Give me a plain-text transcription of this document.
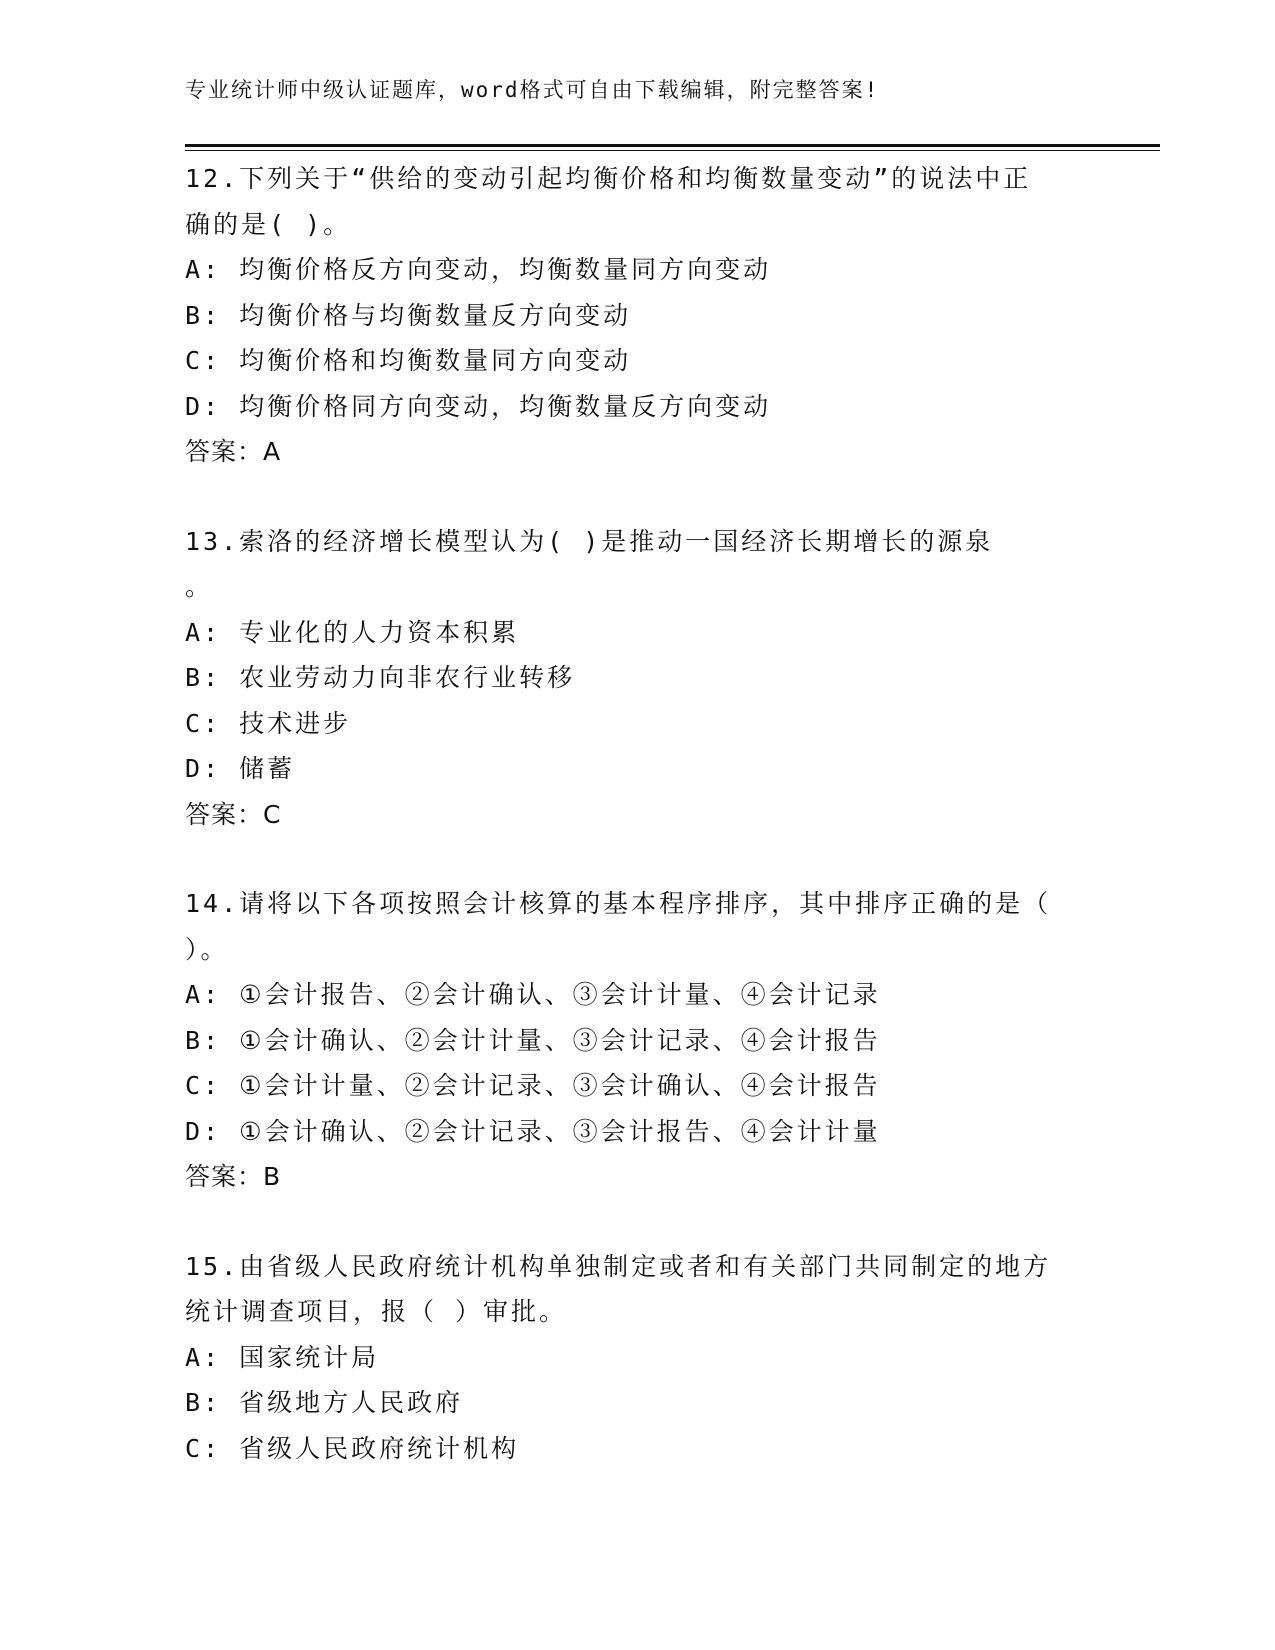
专业统计师中级认证题库，word格式可自由下载编辑，附完整答案!
12.下列关于“供给的变动引起均衡价格和均衡数量变动”的说法中正
确的是( )。
A: 均衡价格反方向变动，均衡数量同方向变动
B: 均衡价格与均衡数量反方向变动
C: 均衡价格和均衡数量同方向变动
D: 均衡价格同方向变动，均衡数量反方向变动
答案：A
13.索洛的经济增长模型认为( )是推动一国经济长期增长的源泉
。
A: 专业化的人力资本积累
B: 农业劳动力向非农行业转移
C: 技术进步
D: 储蓄
答案：C
14.请将以下各项按照会计核算的基本程序排序，其中排序正确的是（
）。
A: ①会计报告、②会计确认、③会计计量、④会计记录
B: ①会计确认、②会计计量、③会计记录、④会计报告
C: ①会计计量、②会计记录、③会计确认、④会计报告
D: ①会计确认、②会计记录、③会计报告、④会计计量
答案：B
15.由省级人民政府统计机构单独制定或者和有关部门共同制定的地方
统计调查项目，报（ ）审批。
A: 国家统计局
B: 省级地方人民政府
C: 省级人民政府统计机构
